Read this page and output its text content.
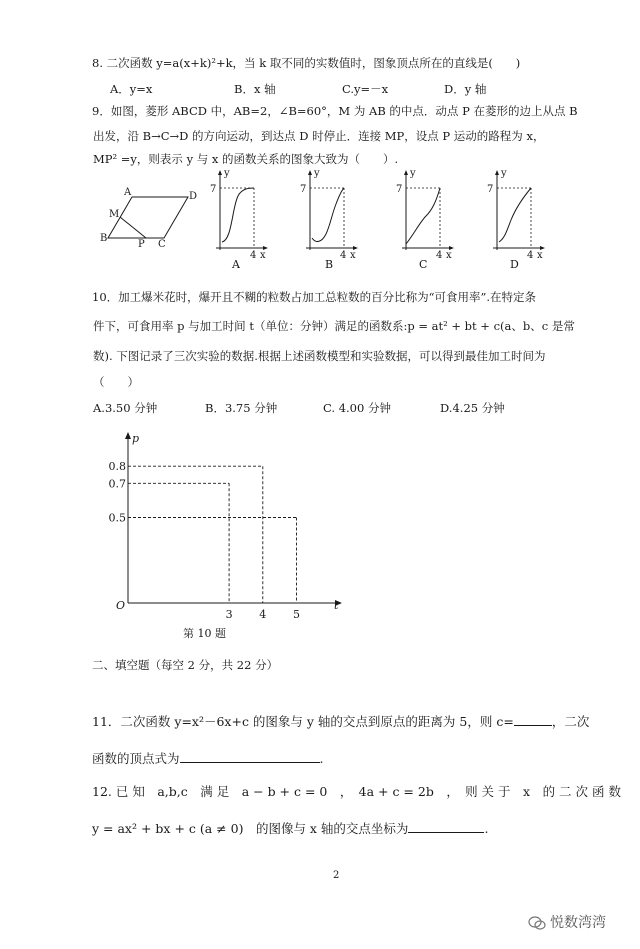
8. 二次函数 y=a(x+k)²+k，当 k 取不同的实数值时，图象顶点所在的直线是(　　)
A．y=x	B．x 轴	C.y=－x	D．y 轴
9．如图，菱形 ABCD 中，AB=2，∠B=60°，M 为 AB 的中点．动点 P 在菱形的边上从点 B
出发，沿 B→C→D 的方向运动，到达点 D 时停止．连接 MP，设点 P 运动的路程为 x，
MP² =y，则表示 y 与 x 的函数关系的图象大致为（　　）.
A	D
M
B
P C
y
7
4 x
y
7
4 x
y
7
4 x
y
7
4 x
A	B	C	D
10．加工爆米花时，爆开且不糊的粒数占加工总粒数的百分比称为“可食用率”.在特定条
件下，可食用率 p 与加工时间 t（单位：分钟）满足的函数系:p = at² + bt + c(a、b、c 是常
数). 下图记录了三次实验的数据.根据上述函数模型和实验数据，可以得到最佳加工时间为
（　　）
A.3.50 分钟	B．3.75 分钟	C. 4.00 分钟	D.4.25 分钟
p
t
O
0.5
0.7
0.8
3 4 5
第 10 题
二、填空题（每空 2 分，共 22 分）
11．二次函数 y=x²－6x+c 的图象与 y 轴的交点到原点的距离为 5，则 c=	，二次
函数的顶点式为	.
12. 已 知　a,b,c　满 足　a − b + c = 0　，　4a + c = 2b　，　则 关 于　x　的 二 次 函 数
y = ax² + bx + c (a ≠ 0)　的图像与 x 轴的交点坐标为	.
2
悦数湾湾
